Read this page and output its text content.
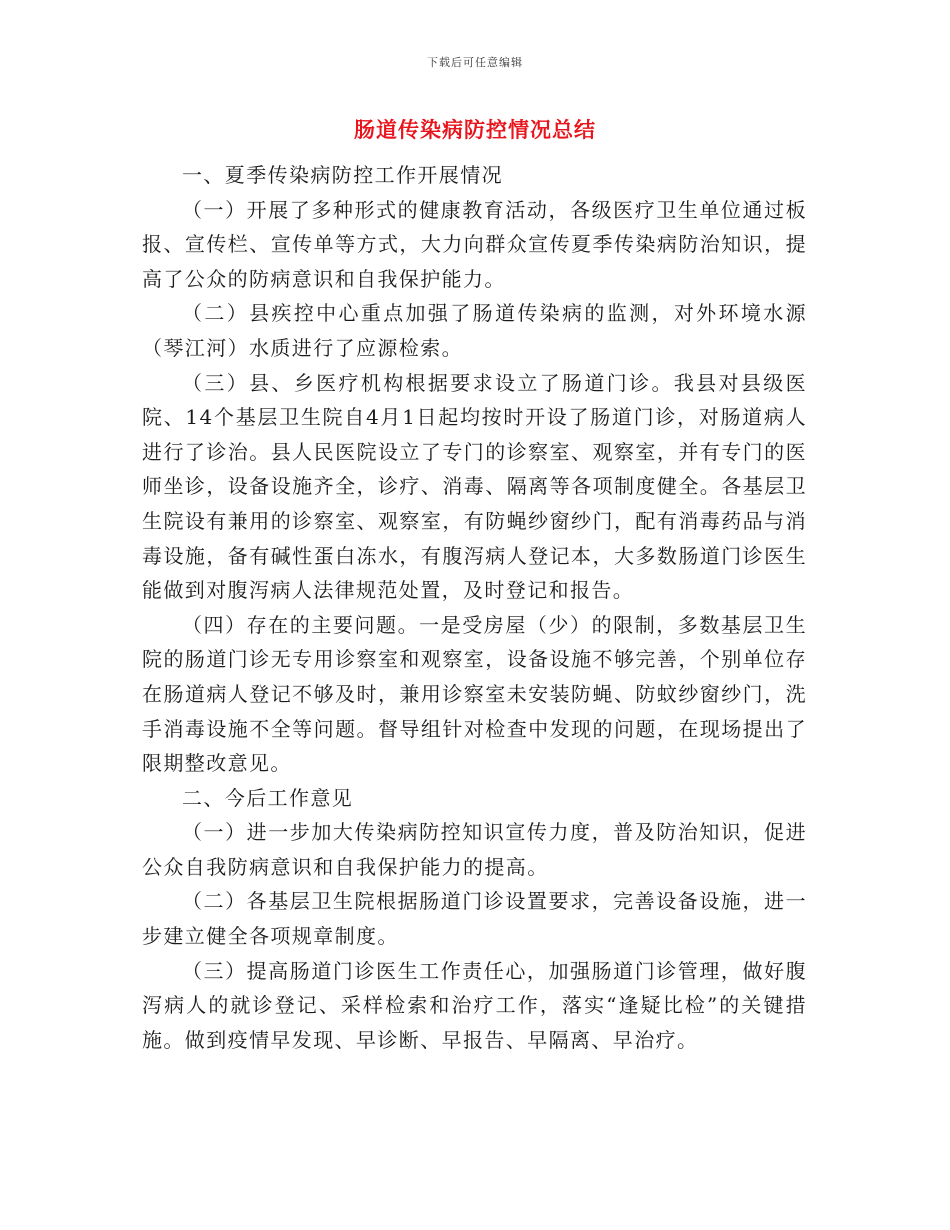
下载后可任意编辑
肠道传染病防控情况总结

一、夏季传染病防控工作开展情况

（一）开展了多种形式的健康教育活动，各级医疗卫生单位通过板报、宣传栏、宣传单等方式，大力向群众宣传夏季传染病防治知识，提高了公众的防病意识和自我保护能力。

（二）县疾控中心重点加强了肠道传染病的监测，对外环境水源（琴江河）水质进行了应源检索。

（三）县、乡医疗机构根据要求设立了肠道门诊。我县对县级医院、14个基层卫生院自4月1日起均按时开设了肠道门诊，对肠道病人进行了诊治。县人民医院设立了专门的诊察室、观察室，并有专门的医师坐诊，设备设施齐全，诊疗、消毒、隔离等各项制度健全。各基层卫生院设有兼用的诊察室、观察室，有防蝇纱窗纱门，配有消毒药品与消毒设施，备有碱性蛋白冻水，有腹泻病人登记本，大多数肠道门诊医生能做到对腹泻病人法律规范处置，及时登记和报告。

（四）存在的主要问题。一是受房屋（少）的限制，多数基层卫生院的肠道门诊无专用诊察室和观察室，设备设施不够完善，个别单位存在肠道病人登记不够及时，兼用诊察室未安装防蝇、防蚊纱窗纱门，洗手消毒设施不全等问题。督导组针对检查中发现的问题，在现场提出了限期整改意见。

二、今后工作意见

（一）进一步加大传染病防控知识宣传力度，普及防治知识，促进公众自我防病意识和自我保护能力的提高。

（二）各基层卫生院根据肠道门诊设置要求，完善设备设施，进一步建立健全各项规章制度。

（三）提高肠道门诊医生工作责任心，加强肠道门诊管理，做好腹泻病人的就诊登记、采样检索和治疗工作，落实“逢疑比检”的关键措施。做到疫情早发现、早诊断、早报告、早隔离、早治疗。
